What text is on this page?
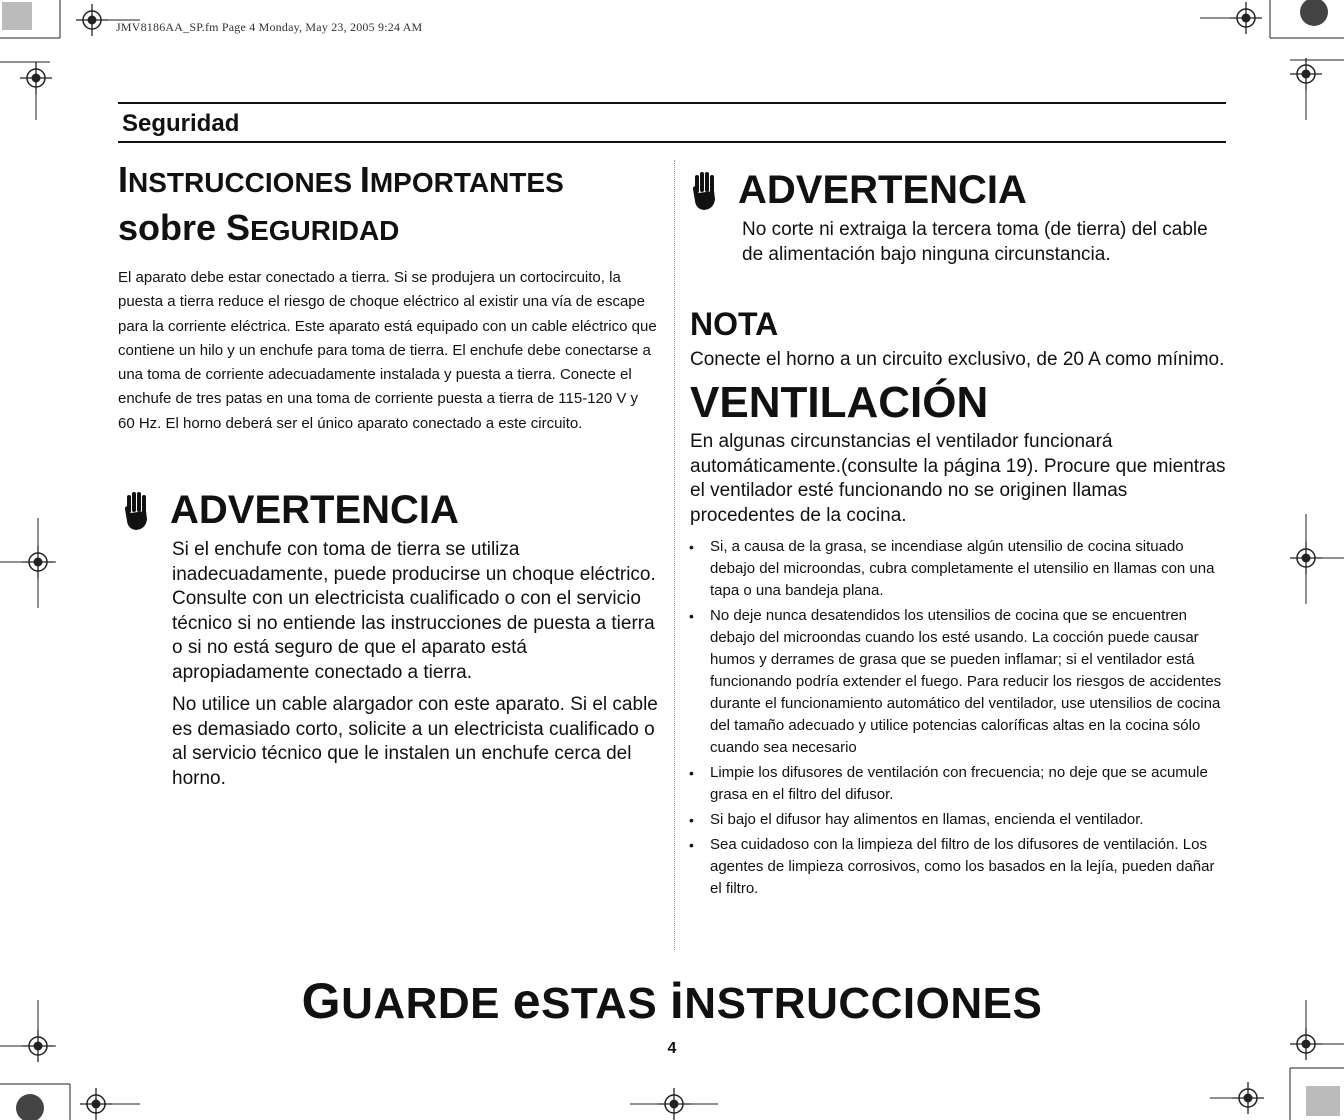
JMV8186AA_SP.fm Page 4 Monday, May 23, 2005 9:24 AM
Seguridad
INSTRUCCIONES IMPORTANTES
sobre SEGURIDAD
El aparato debe estar conectado a tierra. Si se produjera un cortocircuito, la puesta a tierra reduce el riesgo de choque eléctrico al existir una vía de escape para la corriente eléctrica. Este aparato está equipado con un cable eléctrico que contiene un hilo y un enchufe para toma de tierra. El enchufe debe conectarse a una toma de corriente adecuadamente instalada y puesta a tierra. Conecte el enchufe de tres patas en una toma de corriente puesta a tierra de 115-120 V y 60 Hz. El horno deberá ser el único aparato conectado a este circuito.
ADVERTENCIA
Si el enchufe con toma de tierra se utiliza inadecuadamente, puede producirse un choque eléctrico. Consulte con un electricista cualificado o con el servicio técnico si no entiende las instrucciones de puesta a tierra o si no está seguro de que el aparato está apropiadamente conectado a tierra.
No utilice un cable alargador con este aparato. Si el cable es demasiado corto, solicite a un electricista cualificado o al servicio técnico que le instalen un enchufe cerca del horno.
ADVERTENCIA
No corte ni extraiga la tercera toma (de tierra) del cable de alimentación bajo ninguna circunstancia.
NOTA
Conecte el horno a un circuito exclusivo, de 20 A como mínimo.
VENTILACIÓN
En algunas circunstancias el ventilador funcionará automáticamente.(consulte la página 19). Procure que mientras el ventilador esté funcionando no se originen llamas procedentes de la cocina.
• Si, a causa de la grasa, se incendiase algún utensilio de cocina situado debajo del microondas, cubra completamente el utensilio en llamas con una tapa o una bandeja plana.
• No deje nunca desatendidos los utensilios de cocina que se encuentren debajo del microondas cuando los esté usando. La cocción puede causar humos y derrames de grasa que se pueden inflamar; si el ventilador está funcionando podría extender el fuego. Para reducir los riesgos de accidentes durante el funcionamiento automático del ventilador, use utensilios de cocina del tamaño adecuado y utilice potencias caloríficas altas en la cocina sólo cuando sea necesario
• Limpie los difusores de ventilación con frecuencia; no deje que se acumule grasa en el filtro del difusor.
• Si bajo el difusor hay alimentos en llamas, encienda el ventilador.
• Sea cuidadoso con la limpieza del filtro de los difusores de ventilación. Los agentes de limpieza corrosivos, como los basados en la lejía, pueden dañar el filtro.
GUARDE eSTAS iNSTRUCCIONES
4
